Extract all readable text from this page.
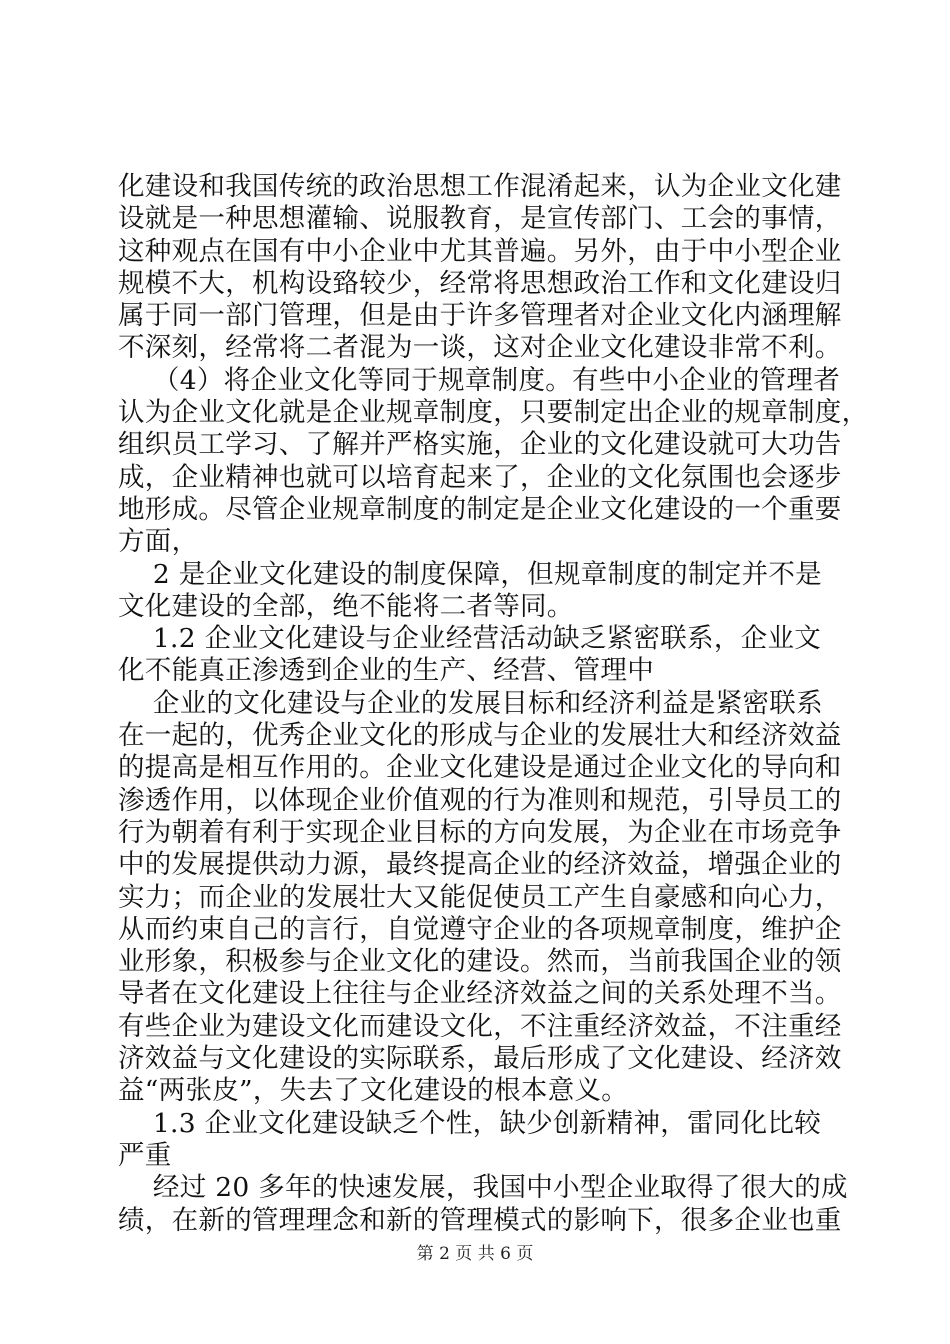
化建设和我国传统的政治思想工作混淆起来，认为企业文化建
设就是一种思想灌输、说服教育，是宣传部门、工会的事情，
这种观点在国有中小企业中尤其普遍。另外，由于中小型企业
规模不大，机构设臵较少，经常将思想政治工作和文化建设归
属于同一部门管理，但是由于许多管理者对企业文化内涵理解
不深刻，经常将二者混为一谈，这对企业文化建设非常不利。
（4）将企业文化等同于规章制度。有些中小企业的管理者
认为企业文化就是企业规章制度，只要制定出企业的规章制度，
组织员工学习、了解并严格实施，企业的文化建设就可大功告
成，企业精神也就可以培育起来了，企业的文化氛围也会逐步
地形成。尽管企业规章制度的制定是企业文化建设的一个重要
方面，
2 是企业文化建设的制度保障，但规章制度的制定并不是
文化建设的全部，绝不能将二者等同。
1.2 企业文化建设与企业经营活动缺乏紧密联系，企业文
化不能真正渗透到企业的生产、经营、管理中
企业的文化建设与企业的发展目标和经济利益是紧密联系
在一起的，优秀企业文化的形成与企业的发展壮大和经济效益
的提高是相互作用的。企业文化建设是通过企业文化的导向和
渗透作用，以体现企业价值观的行为准则和规范，引导员工的
行为朝着有利于实现企业目标的方向发展，为企业在市场竞争
中的发展提供动力源，最终提高企业的经济效益，增强企业的
实力；而企业的发展壮大又能促使员工产生自豪感和向心力，
从而约束自己的言行，自觉遵守企业的各项规章制度，维护企
业形象，积极参与企业文化的建设。然而，当前我国企业的领
导者在文化建设上往往与企业经济效益之间的关系处理不当。
有些企业为建设文化而建设文化，不注重经济效益，不注重经
济效益与文化建设的实际联系，最后形成了文化建设、经济效
益“两张皮”，失去了文化建设的根本意义。
1.3 企业文化建设缺乏个性，缺少创新精神，雷同化比较
严重
经过 20 多年的快速发展，我国中小型企业取得了很大的成
绩，在新的管理理念和新的管理模式的影响下，很多企业也重
第 2 页 共 6 页
